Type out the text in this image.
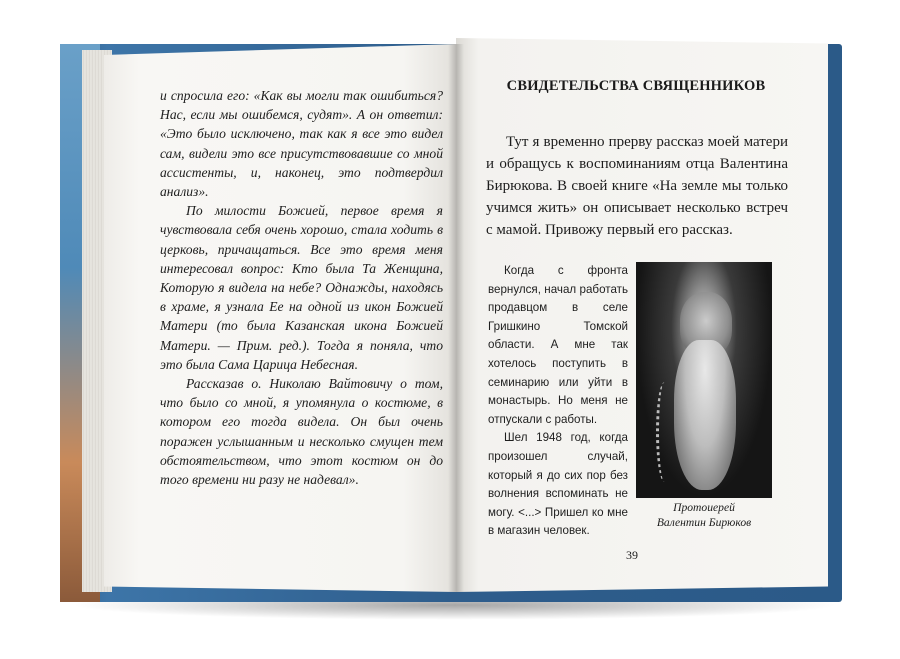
и спросила его: «Как вы могли так ошибиться? Нас, если мы ошибемся, судят». А он ответил: «Это было исключено, так как я все это видел сам, видели это все присутствовавшие со мной ассистенты, и, наконец, это подтвердил анализ».

По милости Божией, первое время я чувствовала себя очень хорошо, стала ходить в церковь, причащаться. Все это время меня интересовал вопрос: Кто была Та Женщина, Которую я видела на небе? Однажды, находясь в храме, я узнала Ее на одной из икон Божией Матери (то была Казанская икона Божией Матери. — Прим. ред.). Тогда я поняла, что это была Сама Царица Небесная.

Рассказав о. Николаю Вайтовичу о том, что было со мной, я упомянула о костюме, в котором его тогда видела. Он был очень поражен услышанным и несколько смущен тем обстоятельством, что этот костюм он до того времени ни разу не надевал».

СВИДЕТЕЛЬСТВА СВЯЩЕННИКОВ

Тут я временно прерву рассказ моей матери и обращусь к воспоминаниям отца Валентина Бирюкова. В своей книге «На земле мы только учимся жить» он описывает несколько встреч с мамой. Привожу первый его рассказ.

Когда с фронта вернулся, начал работать продавцом в селе Гришкино Томской области. А мне так хотелось поступить в семинарию или уйти в монастырь. Но меня не отпускали с работы.

Шел 1948 год, когда произошел случай, который я до сих пор без волнения вспоминать не могу. <...> Пришел ко мне в магазин человек.

Протоиерей
Валентин Бирюков
39
